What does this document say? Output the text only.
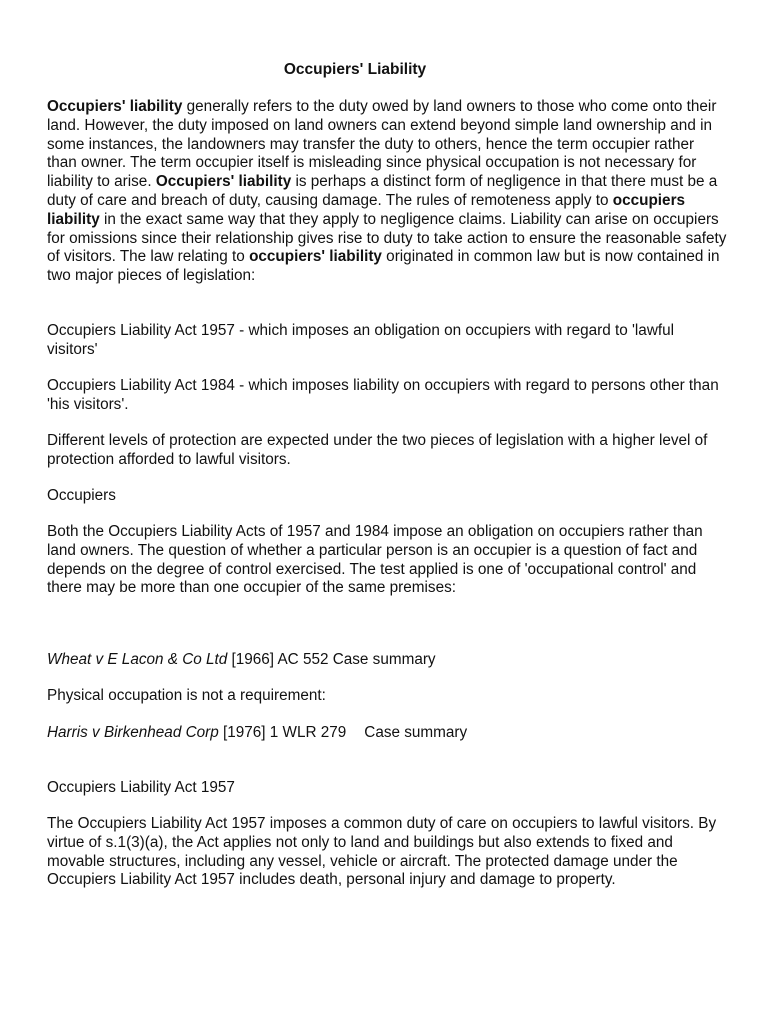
Occupiers' Liability

Occupiers' liability generally refers to the duty owed by land owners to those who come onto their land. However, the duty imposed on land owners can extend beyond simple land ownership and in some instances, the landowners may transfer the duty to others, hence the term occupier rather than owner. The term occupier itself is misleading since physical occupation is not necessary for liability to arise. Occupiers' liability is perhaps a distinct form of negligence in that there must be a duty of care and breach of duty, causing damage. The rules of remoteness apply to occupiers liability in the exact same way that they apply to negligence claims. Liability can arise on occupiers for omissions since their relationship gives rise to duty to take action to ensure the reasonable safety of visitors. The law relating to occupiers' liability originated in common law but is now contained in two major pieces of legislation:

Occupiers Liability Act 1957 - which imposes an obligation on occupiers with regard to 'lawful visitors'

Occupiers Liability Act 1984 - which imposes liability on occupiers with regard to persons other than 'his visitors'.

Different levels of protection are expected under the two pieces of legislation with a higher level of protection afforded to lawful visitors.

Occupiers

Both the Occupiers Liability Acts of 1957 and 1984 impose an obligation on occupiers rather than land owners. The question of whether a particular person is an occupier is a question of fact and depends on the degree of control exercised. The test applied is one of 'occupational control' and there may be more than one occupier of the same premises:

Wheat v E Lacon & Co Ltd [1966] AC 552 Case summary

Physical occupation is not a requirement:

Harris v Birkenhead Corp [1976] 1 WLR 279 Case summary

Occupiers Liability Act 1957

The Occupiers Liability Act 1957 imposes a common duty of care on occupiers to lawful visitors. By virtue of s.1(3)(a), the Act applies not only to land and buildings but also extends to fixed and movable structures, including any vessel, vehicle or aircraft. The protected damage under the Occupiers Liability Act 1957 includes death, personal injury and damage to property.
